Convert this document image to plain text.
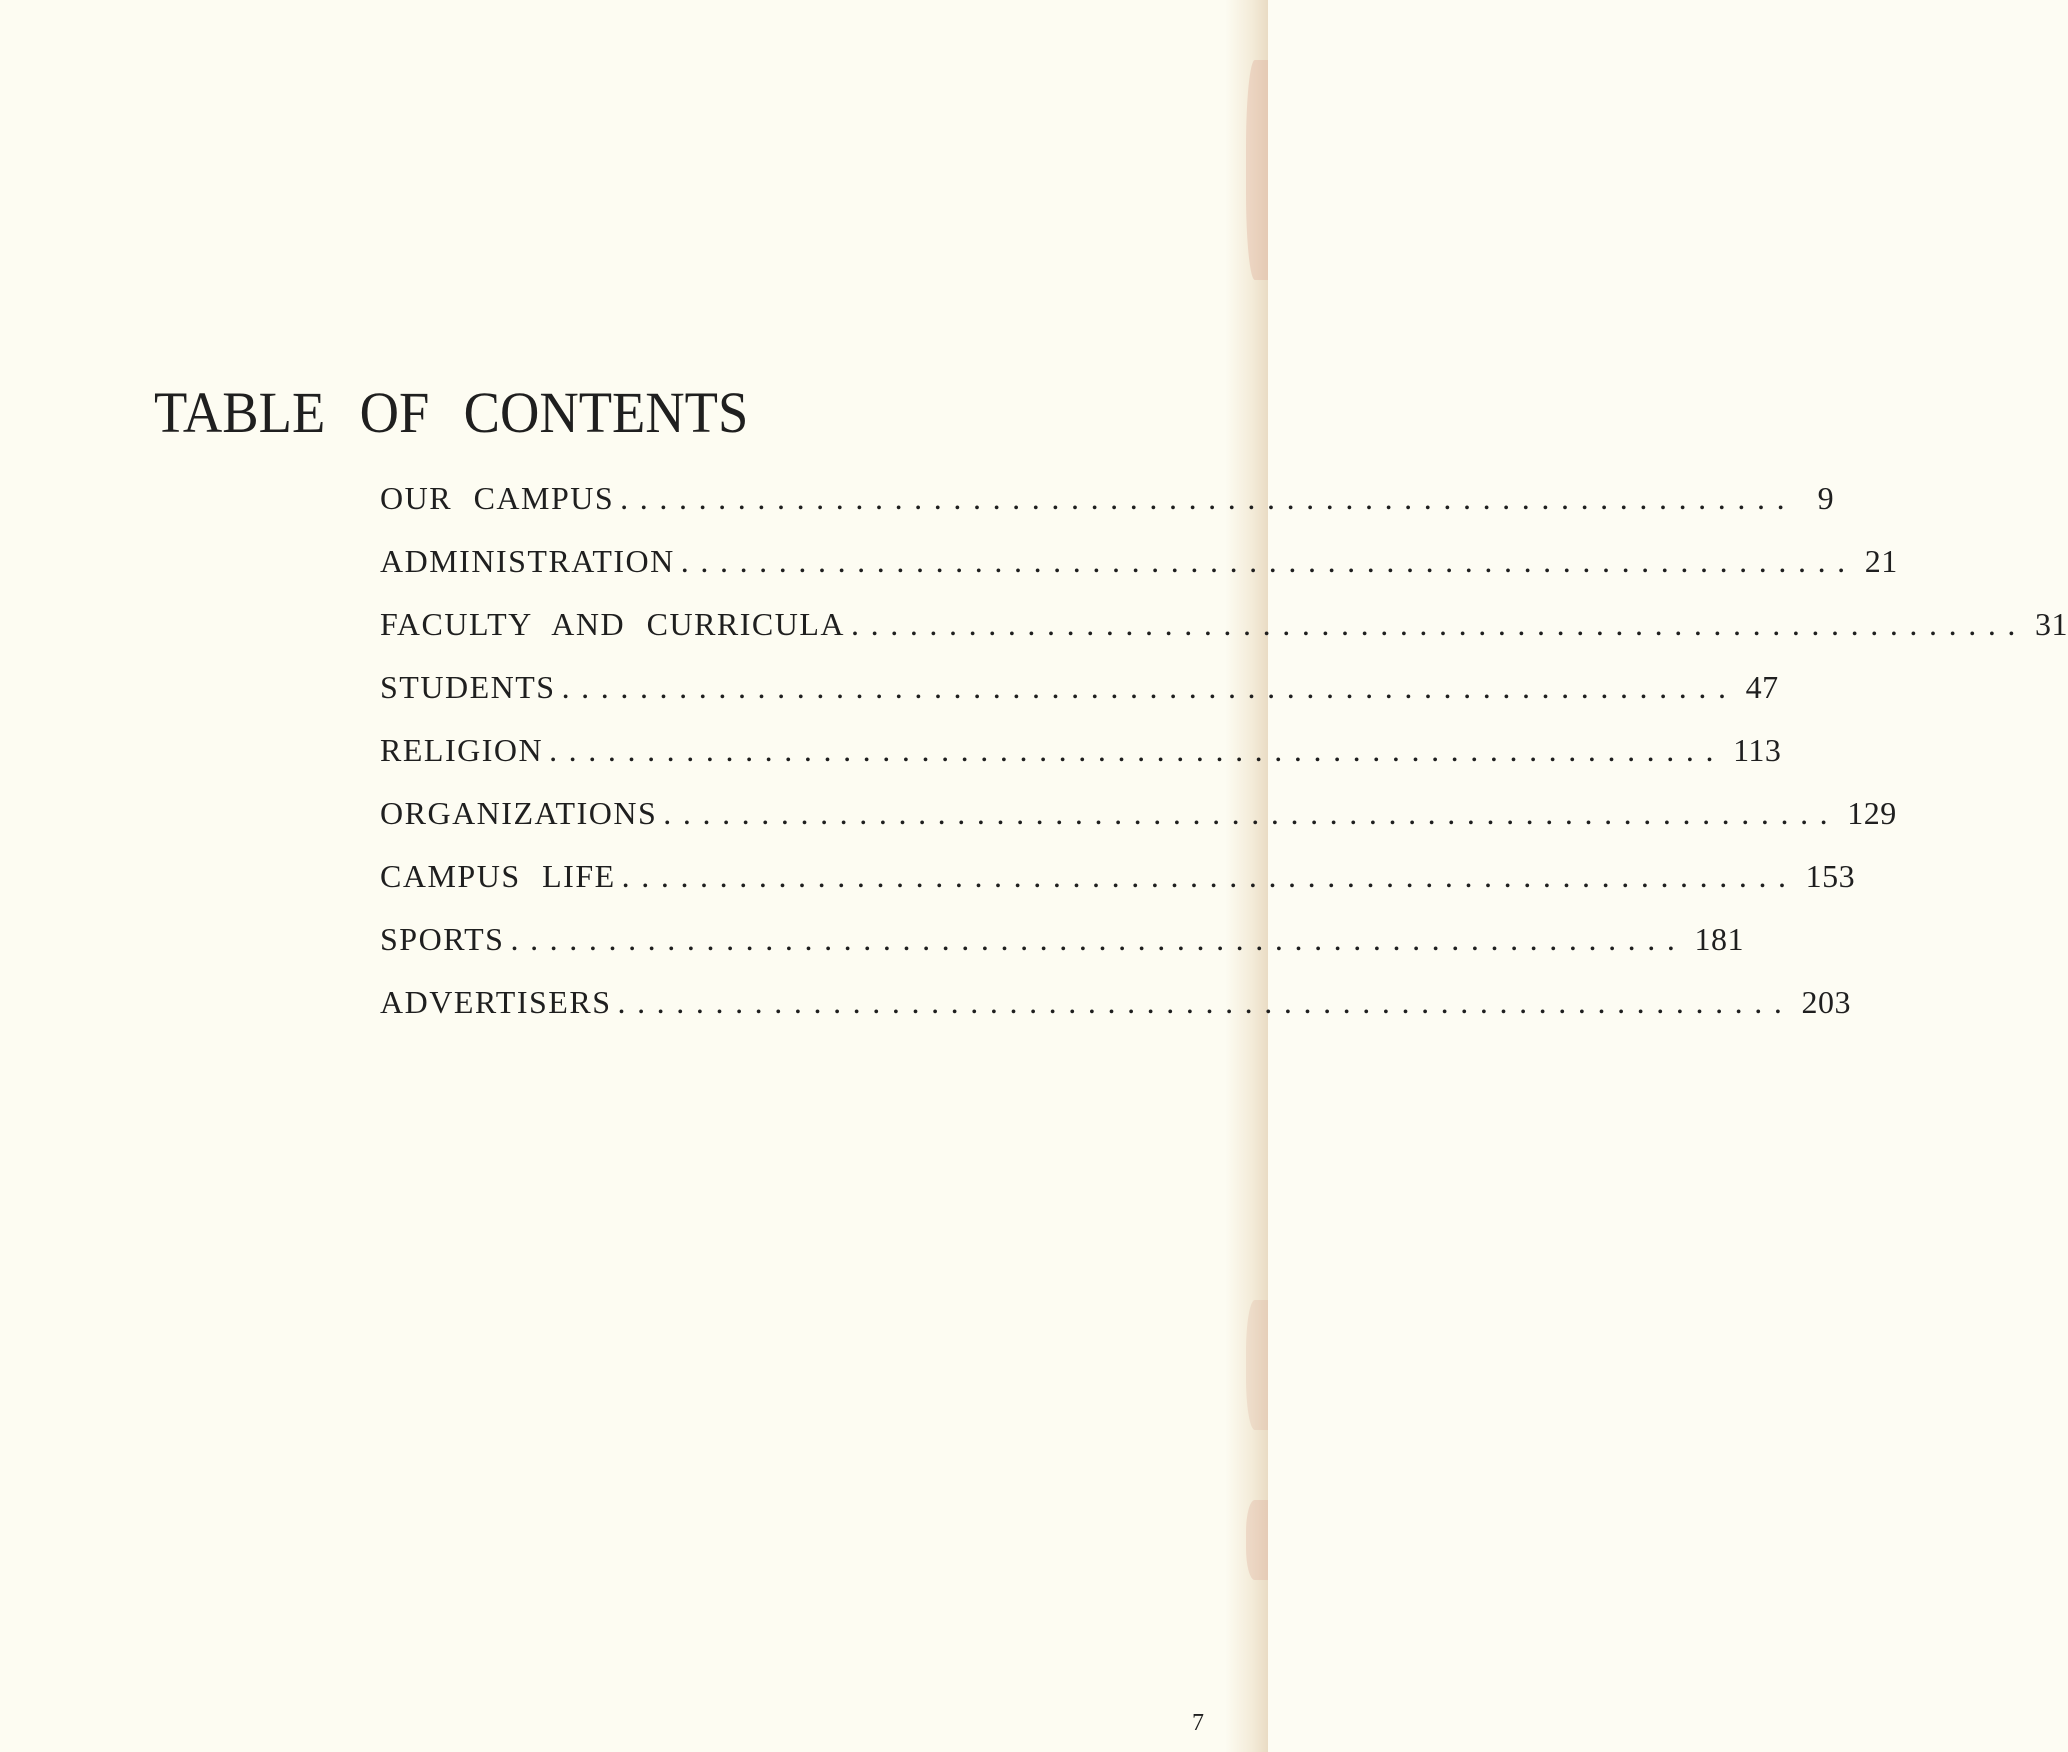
TABLE OF CONTENTS
OUR CAMPUS ............................................................ 9
ADMINISTRATION ............................................................ 21
FACULTY AND CURRICULA ............................................................ 31
STUDENTS ............................................................ 47
RELIGION ............................................................ 113
ORGANIZATIONS ............................................................ 129
CAMPUS LIFE ............................................................ 153
SPORTS ............................................................ 181
ADVERTISERS ............................................................ 203
7
